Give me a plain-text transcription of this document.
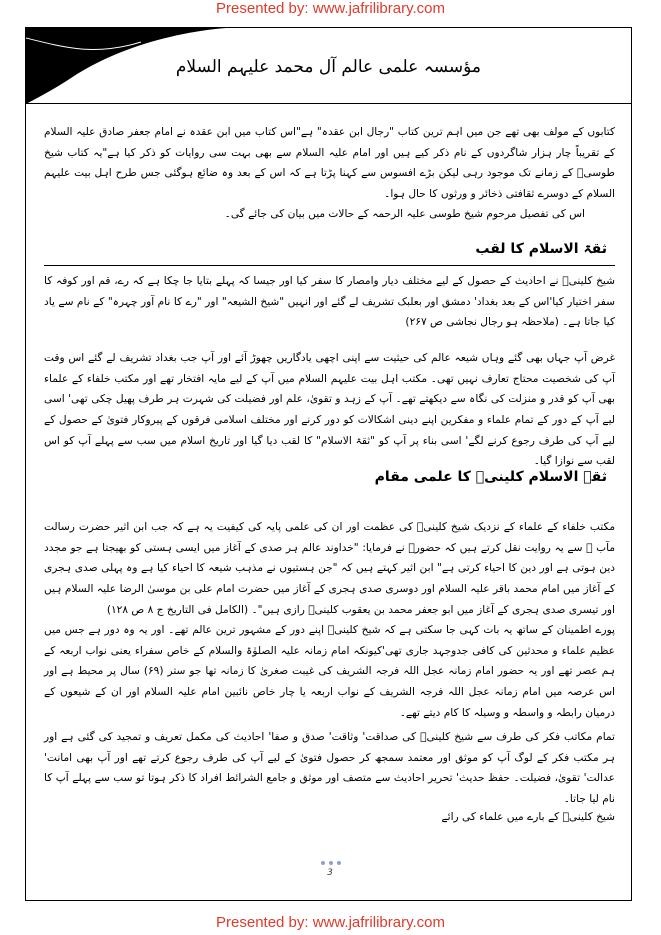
Presented by: www.jafrilibrary.com
مؤسسہ علمی عالم آل محمد علیہم السلام

کتابوں کے مولف بھی تھے جن میں اہم ترین کتاب "رجال ابن عقدہ" ہے"اس کتاب میں ابن عقدہ نے امام جعفر صادق علیہ السلام کے تقریباً چار ہزار شاگردوں کے نام ذکر کیے ہیں اور امام علیہ السلام سے بھی بہت سی روایات کو ذکر کیا ہے"یہ کتاب شیخ طوسیؒ کے زمانے تک موجود رہی لیکن بڑے افسوس سے کہنا پڑتا ہے کہ اس کے بعد وہ ضائع ہوگئی جس طرح اہل بیت علیہم السلام کے دوسرے ثقافتی ذخائر و ورثوں کا حال ہوا۔

اس کی تفصیل مرحوم شیخ طوسی علیہ الرحمہ کے حالات میں بیان کی جائے گی۔

ثقۃ الاسلام کا لقب

شیخ کلینیؒ نے احادیث کے حصول کے لیے مختلف دیار وامصار کا سفر کیا اور جیسا کہ پہلے بتایا جا چکا ہے کہ رے، قم اور کوفہ کا سفر اختیار کیا'اس کے بعد بغداد' دمشق اور بعلبک تشریف لے گئے اور انہیں "شیخ الشیعہ" اور "رے کا نام آور چہرہ" کے نام سے یاد کیا جاتا ہے۔ (ملاحظہ ہو رجال نجاشی ص ۲۶۷)

غرض آپ جہاں بھی گئے وہاں شیعہ عالم کی حیثیت سے اپنی اچھی یادگاریں چھوڑ آئے اور آپ جب بغداد تشریف لے گئے اس وقت آپ کی شخصیت محتاج تعارف نہیں تھی۔ مکتب اہل بیت علیہم السلام میں آپ کے لیے مایہ افتخار تھے اور مکتب خلفاء کے علماء بھی آپ کو قدر و منزلت کی نگاہ سے دیکھتے تھے۔ آپ کے زہد و تقویٰ، علم اور فضیلت کی شہرت ہر طرف پھیل چکی تھی' اسی لیے آپ کے دور کے تمام علماء و مفکرین اپنے دینی اشکالات کو دور کرنے اور مختلف اسلامی فرقوں کے پیروکار فتویٰ کے حصول کے لیے آپ کی طرف رجوع کرنے لگے' اسی بناء پر آپ کو "ثقۃ الاسلام" کا لقب دیا گیا اور تاریخ اسلام میں سب سے پہلے آپ کو اس لقب سے نوازا گیا۔

ثقۃ الاسلام کلینیؒ کا علمی مقام

مکتب خلفاء کے علماء کے نزدیک شیخ کلینیؒ کی عظمت اور ان کی علمی پایہ کی کیفیت یہ ہے کہ جب ابن اثیر حضرت رسالت مآب ﷺ سے یہ روایت نقل کرتے ہیں کہ حضورؐ نے فرمایا: "خداوند عالم ہر صدی کے آغاز میں ایسی ہستی کو بھیجتا ہے جو مجدد دین ہوتی ہے اور دین کا احیاء کرتی ہے" ابن اثیر کہتے ہیں کہ "جن ہستیوں نے مذہب شیعہ کا احیاء کیا ہے وہ پہلی صدی ہجری کے آغاز میں امام محمد باقر علیہ السلام اور دوسری صدی ہجری کے آغاز میں حضرت امام علی بن موسیٰ الرضا علیہ السلام ہیں اور تیسری صدی ہجری کے آغاز میں ابو جعفر محمد بن یعقوب کلینیؒ رازی ہیں"۔ (الکامل فی التاریخ ج ۸ ص ۱۲۸)

پورے اطمینان کے ساتھ یہ بات کہی جا سکتی ہے کہ شیخ کلینیؒ اپنے دور کے مشہور ترین عالم تھے۔ اور یہ وہ دور ہے جس میں عظیم علماء و محدثین کی کافی جدوجہد جاری تھی'کیونکہ امام زمانہ علیہ الصلوٰۃ والسلام کے خاص سفراء یعنی نواب اربعہ کے ہم عصر تھے اور یہ حضور امام زمانہ عجل اللہ فرجہ الشریف کی غیبت صغریٰ کا زمانہ تھا جو ستر (۶۹) سال پر محیط ہے اور اس عرصہ میں امام زمانہ عجل اللہ فرجہ الشریف کے نواب اربعہ یا چار خاص نائبین امام علیہ السلام اور ان کے شیعوں کے درمیان رابطہ و واسطہ و وسیلہ کا کام دیتے تھے۔

تمام مکاتب فکر کی طرف سے شیخ کلینیؒ کی صداقت' وثاقت' صدق و صفا' احادیث کی مکمل تعریف و تمجید کی گئی ہے اور ہر مکتب فکر کے لوگ آپ کو موثق اور معتمد سمجھ کر حصول فتویٰ کے لیے آپ کی طرف رجوع کرتے تھے اور آپ بھی امانت' عدالت' تقویٰ، فضیلت۔ حفظ حدیث' تحریر احادیث سے متصف اور موثق و جامع الشرائط افراد کا ذکر ہوتا تو سب سے پہلے آپ کا نام لیا جاتا۔

شیخ کلینیؒ کے بارے میں علماء کی رائے

3
Presented by: www.jafrilibrary.com
